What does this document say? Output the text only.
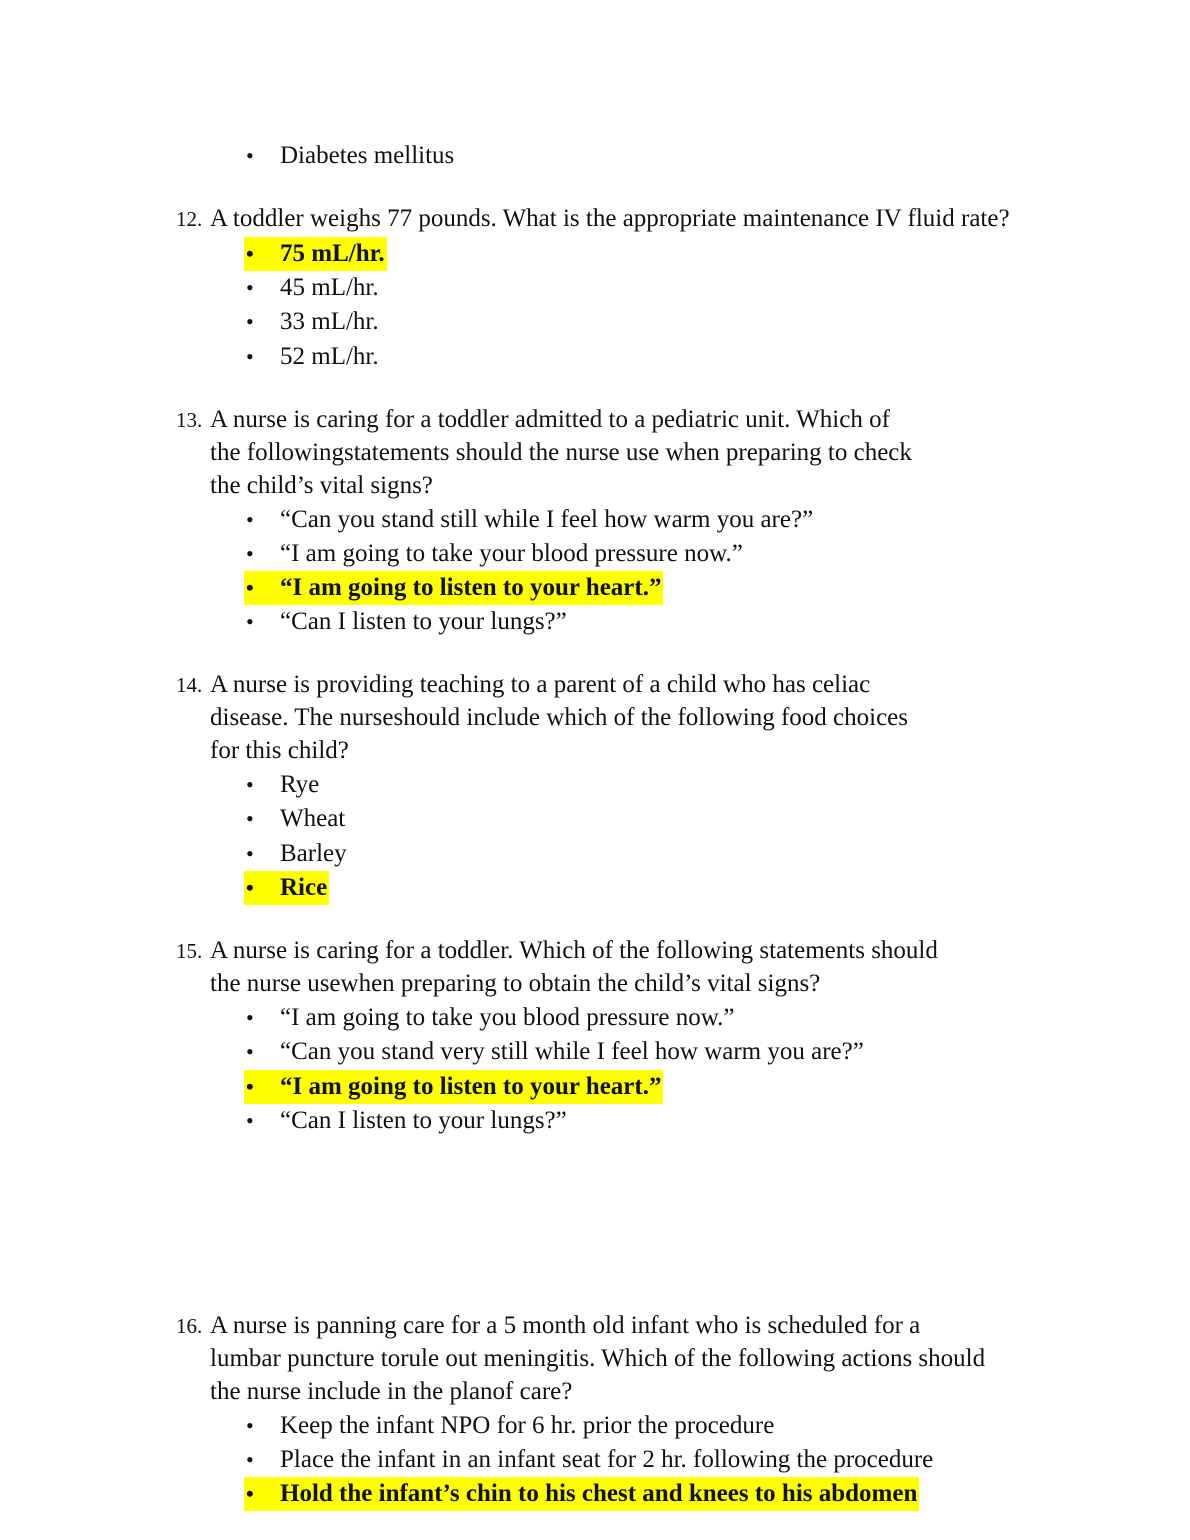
• Diabetes mellitus
12. A toddler weighs 77 pounds. What is the appropriate maintenance IV fluid rate?
• 75 mL/hr.
• 45 mL/hr.
• 33 mL/hr.
• 52 mL/hr.
13. A nurse is caring for a toddler admitted to a pediatric unit. Which of
the followingstatements should the nurse use when preparing to check
the child’s vital signs?
• “Can you stand still while I feel how warm you are?”
• “I am going to take your blood pressure now.”
• “I am going to listen to your heart.”
• “Can I listen to your lungs?”
14. A nurse is providing teaching to a parent of a child who has celiac
disease. The nurseshould include which of the following food choices
for this child?
• Rye
• Wheat
• Barley
• Rice
15. A nurse is caring for a toddler. Which of the following statements should
the nurse usewhen preparing to obtain the child’s vital signs?
• “I am going to take you blood pressure now.”
• “Can you stand very still while I feel how warm you are?”
• “I am going to listen to your heart.”
• “Can I listen to your lungs?”
16. A nurse is panning care for a 5 month old infant who is scheduled for a
lumbar puncture torule out meningitis. Which of the following actions should
the nurse include in the planof care?
• Keep the infant NPO for 6 hr. prior the procedure
• Place the infant in an infant seat for 2 hr. following the procedure
• Hold the infant’s chin to his chest and knees to his abdomen
